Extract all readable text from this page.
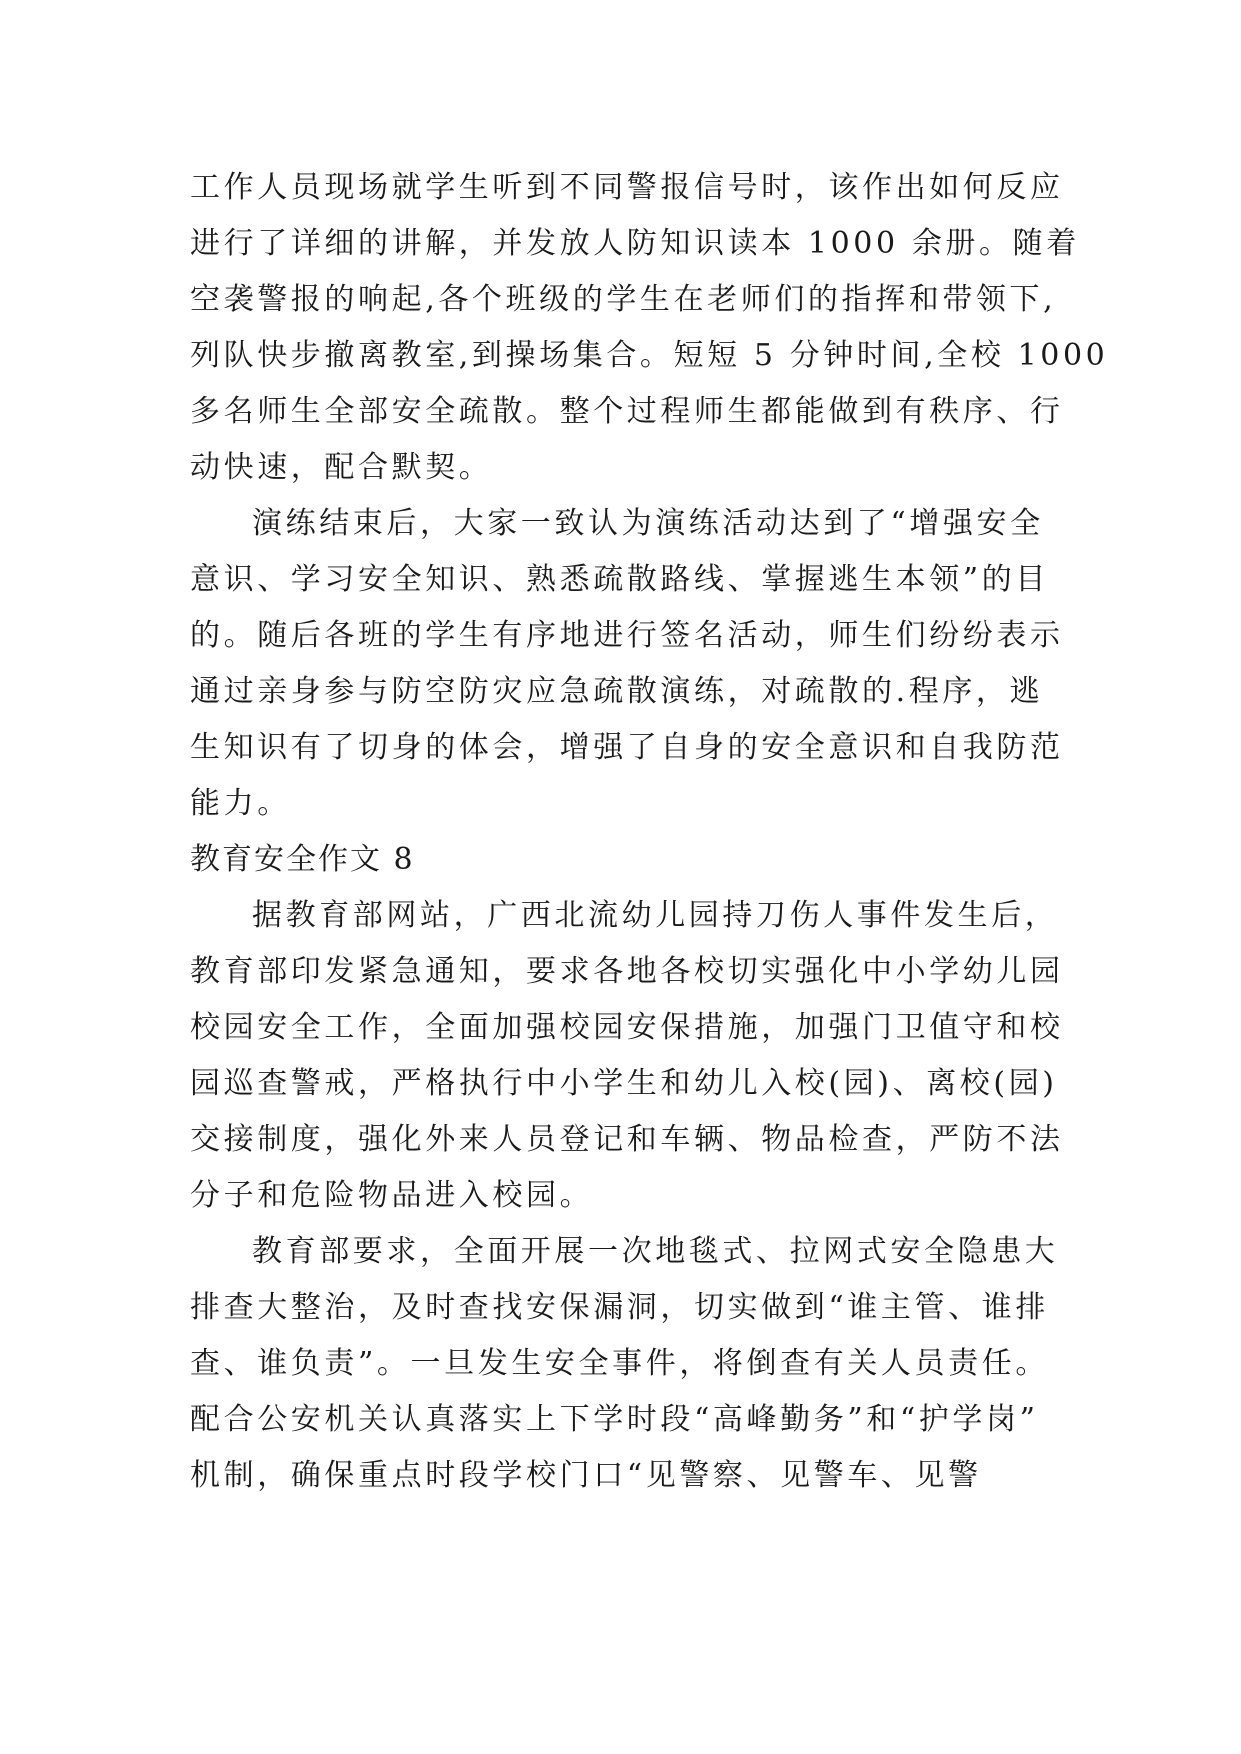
工作人员现场就学生听到不同警报信号时，该作出如何反应
进行了详细的讲解，并发放人防知识读本 1000 余册。随着
空袭警报的响起,各个班级的学生在老师们的指挥和带领下,
列队快步撤离教室,到操场集合。短短 5 分钟时间,全校 1000
多名师生全部安全疏散。整个过程师生都能做到有秩序、行
动快速，配合默契。
演练结束后，大家一致认为演练活动达到了“增强安全
意识、学习安全知识、熟悉疏散路线、掌握逃生本领”的目
的。随后各班的学生有序地进行签名活动，师生们纷纷表示
通过亲身参与防空防灾应急疏散演练，对疏散的.程序，逃
生知识有了切身的体会，增强了自身的安全意识和自我防范
能力。
教育安全作文 8
据教育部网站，广西北流幼儿园持刀伤人事件发生后，
教育部印发紧急通知，要求各地各校切实强化中小学幼儿园
校园安全工作，全面加强校园安保措施，加强门卫值守和校
园巡查警戒，严格执行中小学生和幼儿入校(园)、离校(园)
交接制度，强化外来人员登记和车辆、物品检查，严防不法
分子和危险物品进入校园。
教育部要求，全面开展一次地毯式、拉网式安全隐患大
排查大整治，及时查找安保漏洞，切实做到“谁主管、谁排
查、谁负责”。一旦发生安全事件，将倒查有关人员责任。
配合公安机关认真落实上下学时段“高峰勤务”和“护学岗”
机制，确保重点时段学校门口“见警察、见警车、见警
